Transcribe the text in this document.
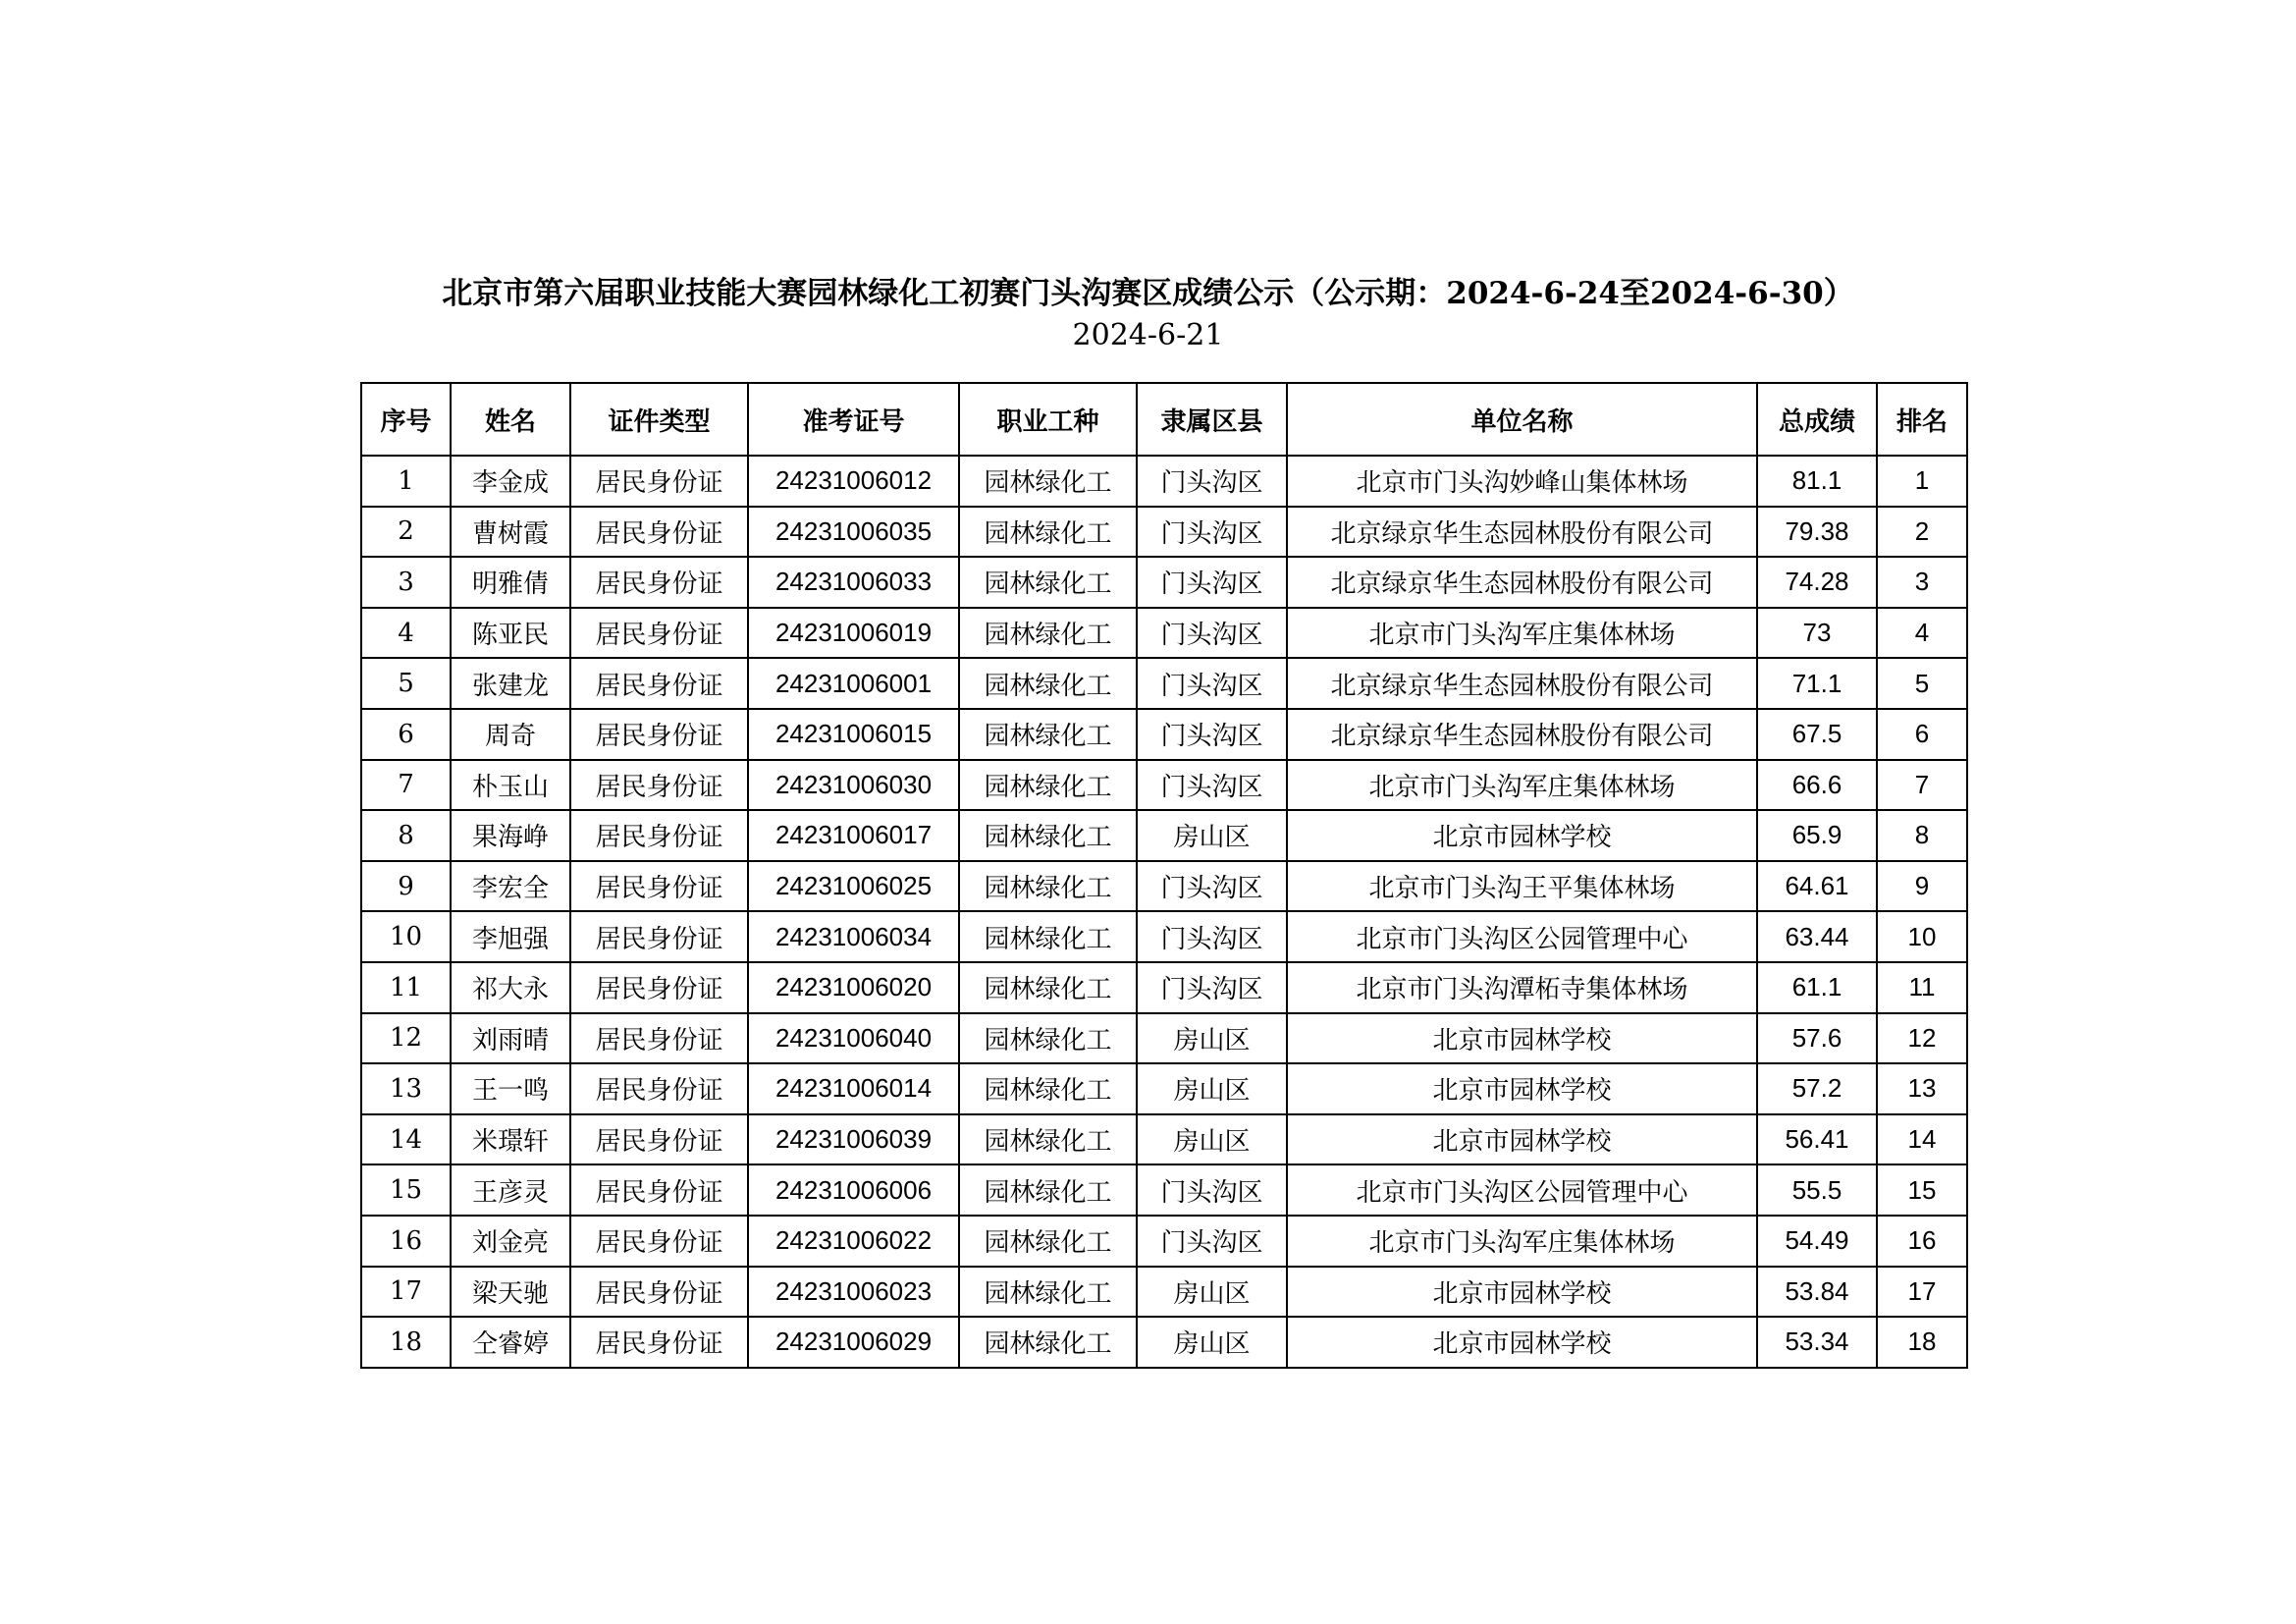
北京市第六届职业技能大赛园林绿化工初赛门头沟赛区成绩公示（公示期：2024-6-24至2024-6-30）
2024-6-21
序号	姓名	证件类型	准考证号	职业工种	隶属区县	单位名称	总成绩	排名
1	李金成	居民身份证	24231006012	园林绿化工	门头沟区	北京市门头沟妙峰山集体林场	81.1	1
2	曹树霞	居民身份证	24231006035	园林绿化工	门头沟区	北京绿京华生态园林股份有限公司	79.38	2
3	明雅倩	居民身份证	24231006033	园林绿化工	门头沟区	北京绿京华生态园林股份有限公司	74.28	3
4	陈亚民	居民身份证	24231006019	园林绿化工	门头沟区	北京市门头沟军庄集体林场	73	4
5	张建龙	居民身份证	24231006001	园林绿化工	门头沟区	北京绿京华生态园林股份有限公司	71.1	5
6	周奇	居民身份证	24231006015	园林绿化工	门头沟区	北京绿京华生态园林股份有限公司	67.5	6
7	朴玉山	居民身份证	24231006030	园林绿化工	门头沟区	北京市门头沟军庄集体林场	66.6	7
8	果海峥	居民身份证	24231006017	园林绿化工	房山区	北京市园林学校	65.9	8
9	李宏全	居民身份证	24231006025	园林绿化工	门头沟区	北京市门头沟王平集体林场	64.61	9
10	李旭强	居民身份证	24231006034	园林绿化工	门头沟区	北京市门头沟区公园管理中心	63.44	10
11	祁大永	居民身份证	24231006020	园林绿化工	门头沟区	北京市门头沟潭柘寺集体林场	61.1	11
12	刘雨晴	居民身份证	24231006040	园林绿化工	房山区	北京市园林学校	57.6	12
13	王一鸣	居民身份证	24231006014	园林绿化工	房山区	北京市园林学校	57.2	13
14	米璟轩	居民身份证	24231006039	园林绿化工	房山区	北京市园林学校	56.41	14
15	王彦灵	居民身份证	24231006006	园林绿化工	门头沟区	北京市门头沟区公园管理中心	55.5	15
16	刘金亮	居民身份证	24231006022	园林绿化工	门头沟区	北京市门头沟军庄集体林场	54.49	16
17	梁天驰	居民身份证	24231006023	园林绿化工	房山区	北京市园林学校	53.84	17
18	仝睿婷	居民身份证	24231006029	园林绿化工	房山区	北京市园林学校	53.34	18
